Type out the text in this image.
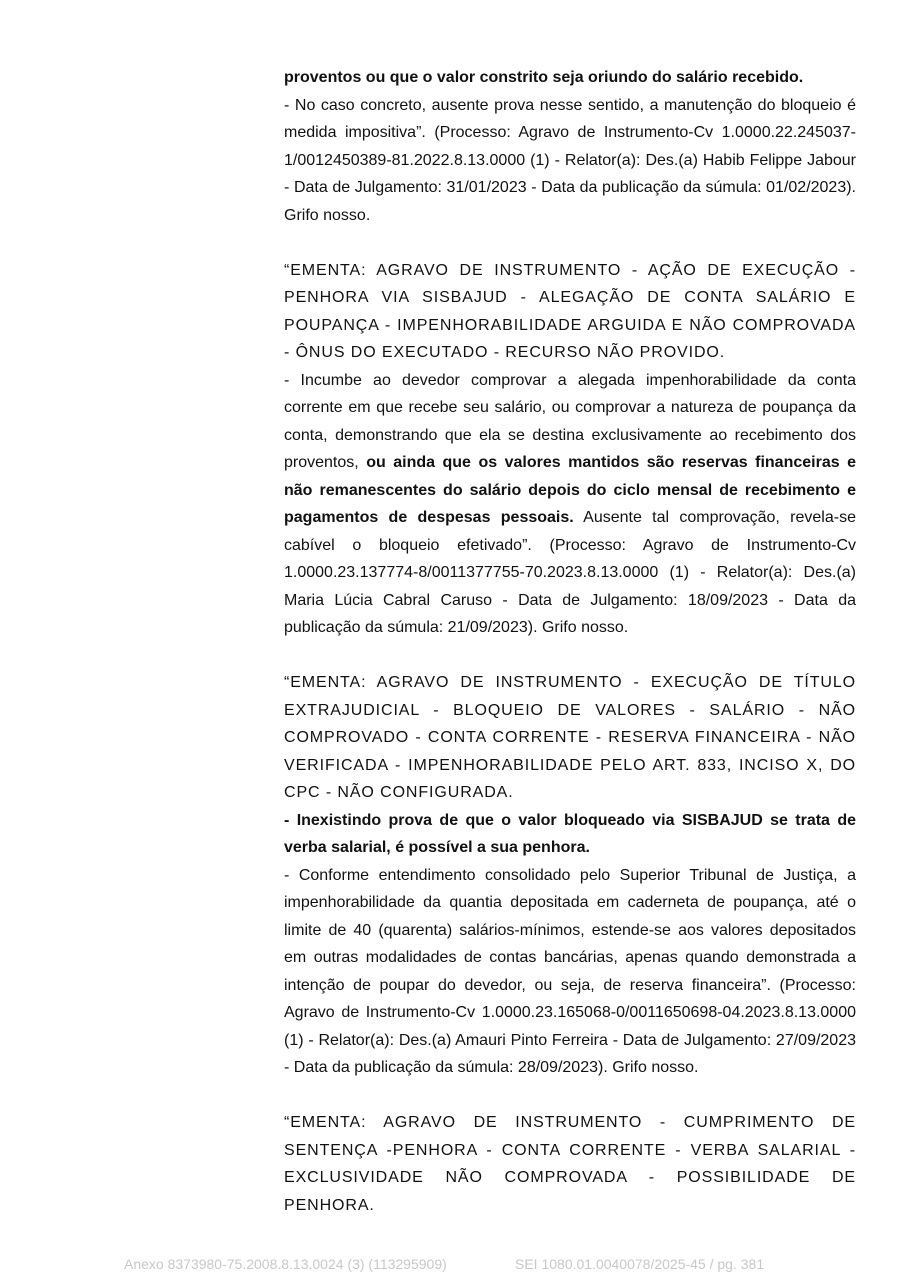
proventos ou que o valor constrito seja oriundo do salário recebido.
- No caso concreto, ausente prova nesse sentido, a manutenção do bloqueio é medida impositiva”. (Processo: Agravo de Instrumento-Cv 1.0000.22.245037-1/0012450389-81.2022.8.13.0000 (1) - Relator(a): Des.(a) Habib Felippe Jabour - Data de Julgamento: 31/01/2023 - Data da publicação da súmula: 01/02/2023). Grifo nosso.

“EMENTA: AGRAVO DE INSTRUMENTO - AÇÃO DE EXECUÇÃO - PENHORA VIA SISBAJUD - ALEGAÇÃO DE CONTA SALÁRIO E POUPANÇA - IMPENHORABILIDADE ARGUIDA E NÃO COMPROVADA - ÔNUS DO EXECUTADO - RECURSO NÃO PROVIDO.
- Incumbe ao devedor comprovar a alegada impenhorabilidade da conta corrente em que recebe seu salário, ou comprovar a natureza de poupança da conta, demonstrando que ela se destina exclusivamente ao recebimento dos proventos, ou ainda que os valores mantidos são reservas financeiras e não remanescentes do salário depois do ciclo mensal de recebimento e pagamentos de despesas pessoais. Ausente tal comprovação, revela-se cabível o bloqueio efetivado”. (Processo: Agravo de Instrumento-Cv 1.0000.23.137774-8/0011377755-70.2023.8.13.0000 (1) - Relator(a): Des.(a) Maria Lúcia Cabral Caruso - Data de Julgamento: 18/09/2023 - Data da publicação da súmula: 21/09/2023). Grifo nosso.

“EMENTA: AGRAVO DE INSTRUMENTO - EXECUÇÃO DE TÍTULO EXTRAJUDICIAL - BLOQUEIO DE VALORES - SALÁRIO - NÃO COMPROVADO - CONTA CORRENTE - RESERVA FINANCEIRA - NÃO VERIFICADA - IMPENHORABILIDADE PELO ART. 833, INCISO X, DO CPC - NÃO CONFIGURADA.
- Inexistindo prova de que o valor bloqueado via SISBAJUD se trata de verba salarial, é possível a sua penhora.
- Conforme entendimento consolidado pelo Superior Tribunal de Justiça, a impenhorabilidade da quantia depositada em caderneta de poupança, até o limite de 40 (quarenta) salários-mínimos, estende-se aos valores depositados em outras modalidades de contas bancárias, apenas quando demonstrada a intenção de poupar do devedor, ou seja, de reserva financeira”. (Processo: Agravo de Instrumento-Cv 1.0000.23.165068-0/0011650698-04.2023.8.13.0000 (1) - Relator(a): Des.(a) Amauri Pinto Ferreira - Data de Julgamento: 27/09/2023 - Data da publicação da súmula: 28/09/2023). Grifo nosso.

“EMENTA: AGRAVO DE INSTRUMENTO - CUMPRIMENTO DE SENTENÇA -PENHORA - CONTA CORRENTE - VERBA SALARIAL - EXCLUSIVIDADE NÃO COMPROVADA - POSSIBILIDADE DE PENHORA.

Anexo 8373980-75.2008.8.13.0024 (3) (113295909)	SEI 1080.01.0040078/2025-45 / pg. 381
